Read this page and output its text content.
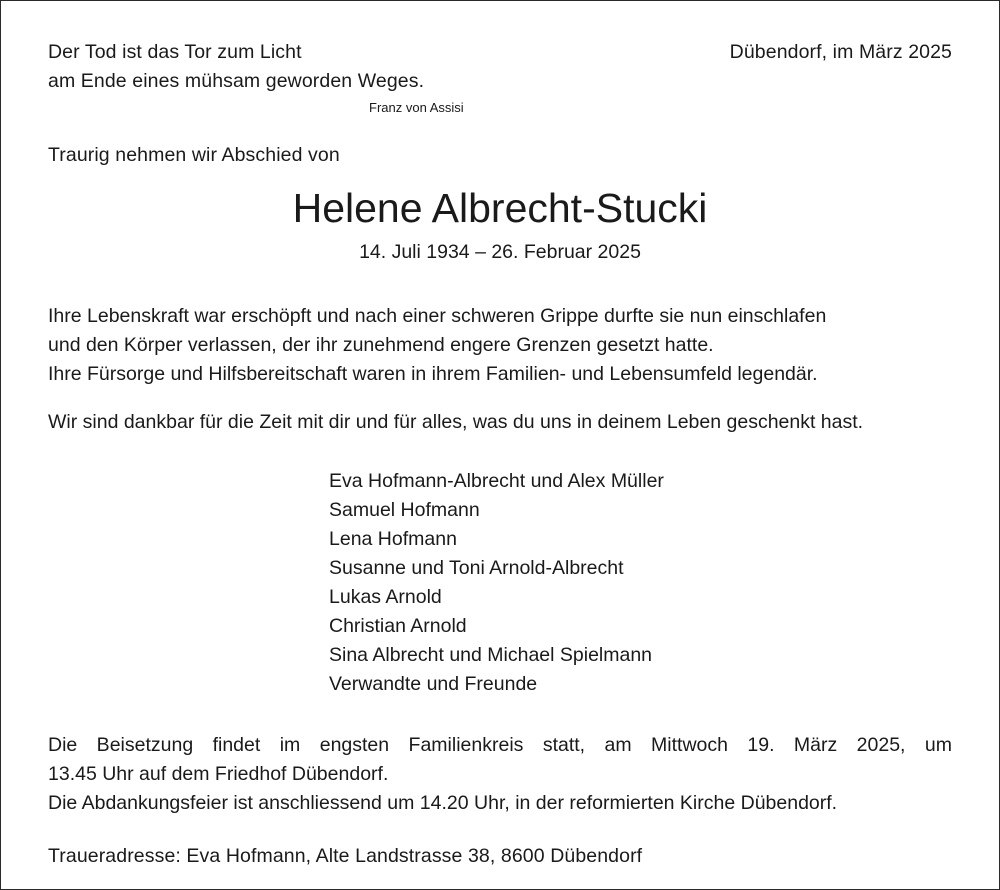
Der Tod ist das Tor zum Licht
am Ende eines mühsam geworden Weges.
Franz von Assisi
Dübendorf, im März 2025
Traurig nehmen wir Abschied von
Helene Albrecht-Stucki
14. Juli 1934 – 26. Februar 2025
Ihre Lebenskraft war erschöpft und nach einer schweren Grippe durfte sie nun einschlafen
und den Körper verlassen, der ihr zunehmend engere Grenzen gesetzt hatte.
Ihre Fürsorge und Hilfsbereitschaft waren in ihrem Familien- und Lebensumfeld legendär.
Wir sind dankbar für die Zeit mit dir und für alles, was du uns in deinem Leben geschenkt hast.
Eva Hofmann-Albrecht und Alex Müller
Samuel Hofmann
Lena Hofmann
Susanne und Toni Arnold-Albrecht
Lukas Arnold
Christian Arnold
Sina Albrecht und Michael Spielmann
Verwandte und Freunde
Die Beisetzung findet im engsten Familienkreis statt, am Mittwoch 19. März 2025, um
13.45 Uhr auf dem Friedhof Dübendorf.
Die Abdankungsfeier ist anschliessend um 14.20 Uhr, in der reformierten Kirche Dübendorf.
Traueradresse: Eva Hofmann, Alte Landstrasse 38, 8600 Dübendorf
